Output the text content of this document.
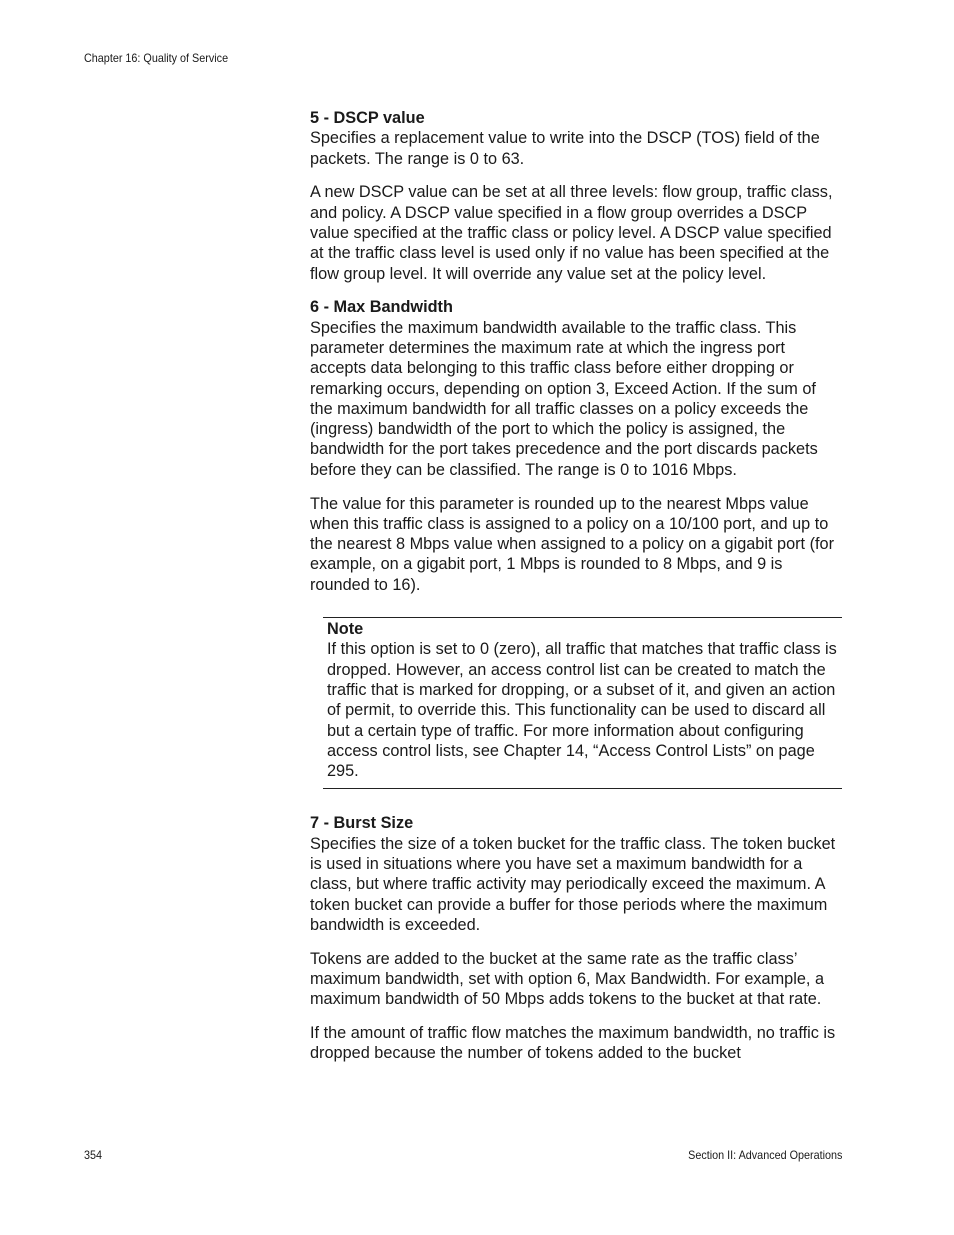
Chapter 16: Quality of Service
5 - DSCP value

Specifies a replacement value to write into the DSCP (TOS) field of the packets. The range is 0 to 63.

A new DSCP value can be set at all three levels: flow group, traffic class, and policy. A DSCP value specified in a flow group overrides a DSCP value specified at the traffic class or policy level. A DSCP value specified at the traffic class level is used only if no value has been specified at the flow group level. It will override any value set at the policy level.

6 - Max Bandwidth

Specifies the maximum bandwidth available to the traffic class. This parameter determines the maximum rate at which the ingress port accepts data belonging to this traffic class before either dropping or remarking occurs, depending on option 3, Exceed Action. If the sum of the maximum bandwidth for all traffic classes on a policy exceeds the (ingress) bandwidth of the port to which the policy is assigned, the bandwidth for the port takes precedence and the port discards packets before they can be classified. The range is 0 to 1016 Mbps.

The value for this parameter is rounded up to the nearest Mbps value when this traffic class is assigned to a policy on a 10/100 port, and up to the nearest 8 Mbps value when assigned to a policy on a gigabit port (for example, on a gigabit port, 1 Mbps is rounded to 8 Mbps, and 9 is rounded to 16).

Note

If this option is set to 0 (zero), all traffic that matches that traffic class is dropped. However, an access control list can be created to match the traffic that is marked for dropping, or a subset of it, and given an action of permit, to override this. This functionality can be used to discard all but a certain type of traffic. For more information about configuring access control lists, see Chapter 14, “Access Control Lists” on page 295.

7 - Burst Size

Specifies the size of a token bucket for the traffic class. The token bucket is used in situations where you have set a maximum bandwidth for a class, but where traffic activity may periodically exceed the maximum. A token bucket can provide a buffer for those periods where the maximum bandwidth is exceeded.

Tokens are added to the bucket at the same rate as the traffic class’ maximum bandwidth, set with option 6, Max Bandwidth. For example, a maximum bandwidth of 50 Mbps adds tokens to the bucket at that rate.

If the amount of traffic flow matches the maximum bandwidth, no traffic is dropped because the number of tokens added to the bucket

354	Section II: Advanced Operations
